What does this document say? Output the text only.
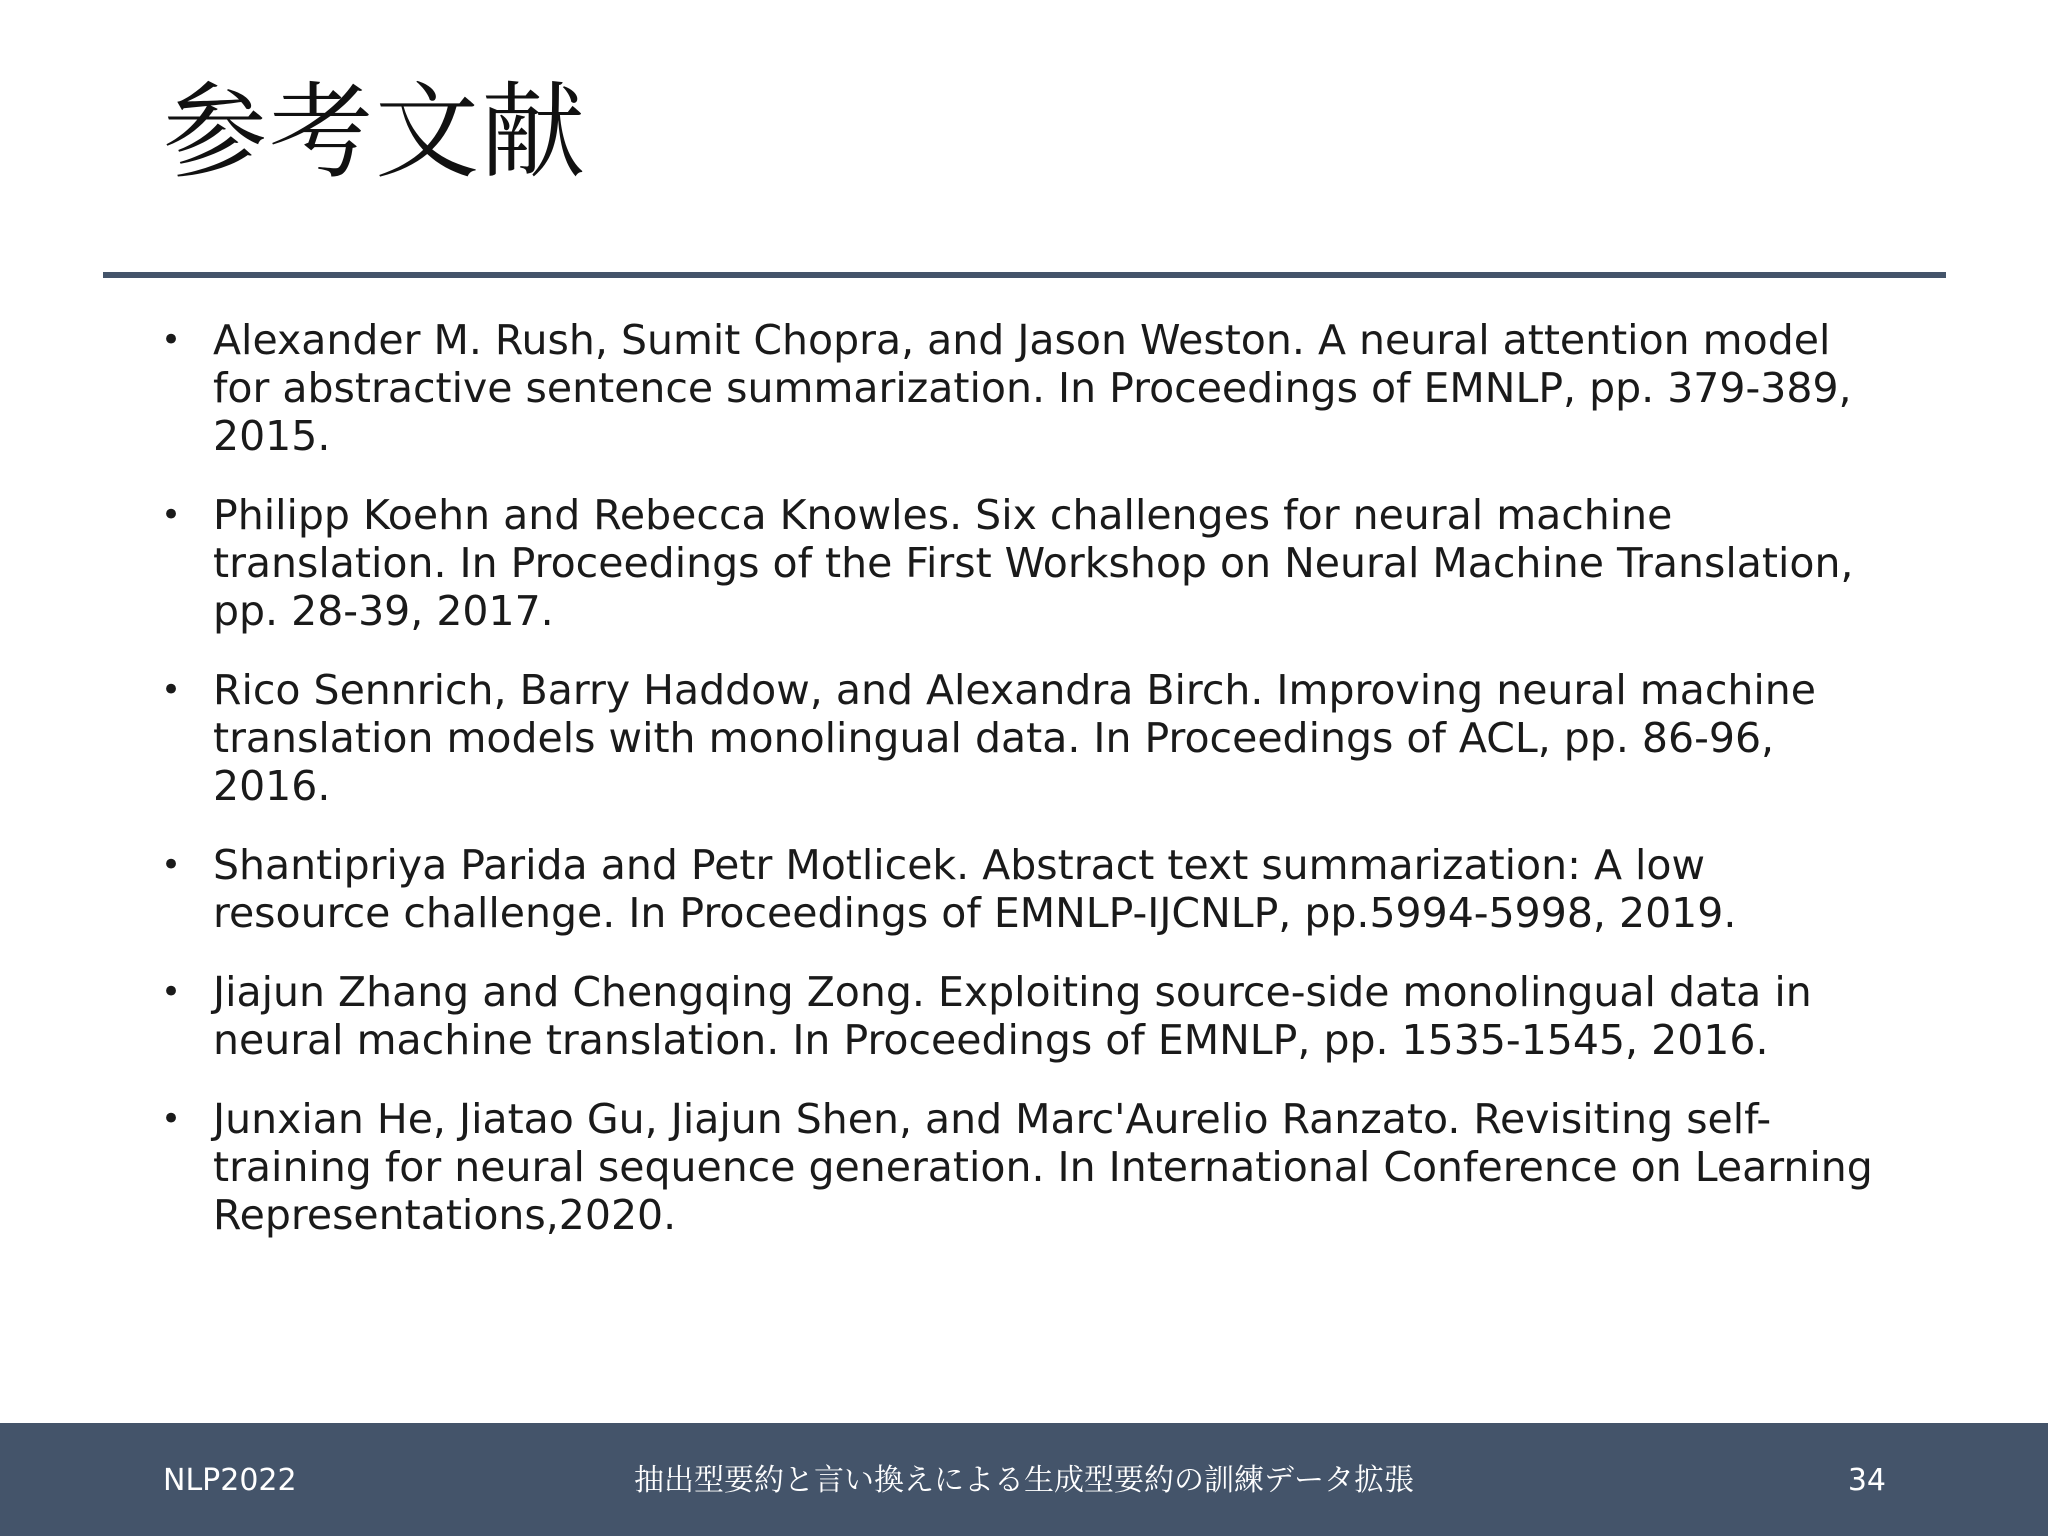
参考文献
• Alexander M. Rush, Sumit Chopra, and Jason Weston. A neural attention model for abstractive sentence summarization. In Proceedings of EMNLP, pp. 379-389, 2015.
• Philipp Koehn and Rebecca Knowles. Six challenges for neural machine translation. In Proceedings of the First Workshop on Neural Machine Translation, pp. 28-39, 2017.
• Rico Sennrich, Barry Haddow, and Alexandra Birch. Improving neural machine translation models with monolingual data. In Proceedings of ACL, pp. 86-96, 2016.
• Shantipriya Parida and Petr Motlicek. Abstract text summarization: A low resource challenge. In Proceedings of EMNLP-IJCNLP, pp.5994-5998, 2019.
• Jiajun Zhang and Chengqing Zong. Exploiting source-side monolingual data in neural machine translation. In Proceedings of EMNLP, pp. 1535-1545, 2016.
• Junxian He, Jiatao Gu, Jiajun Shen, and Marc'Aurelio Ranzato. Revisiting self-training for neural sequence generation. In International Conference on Learning Representations,2020.
NLP2022	抽出型要約と言い換えによる生成型要約の訓練データ拡張	34
